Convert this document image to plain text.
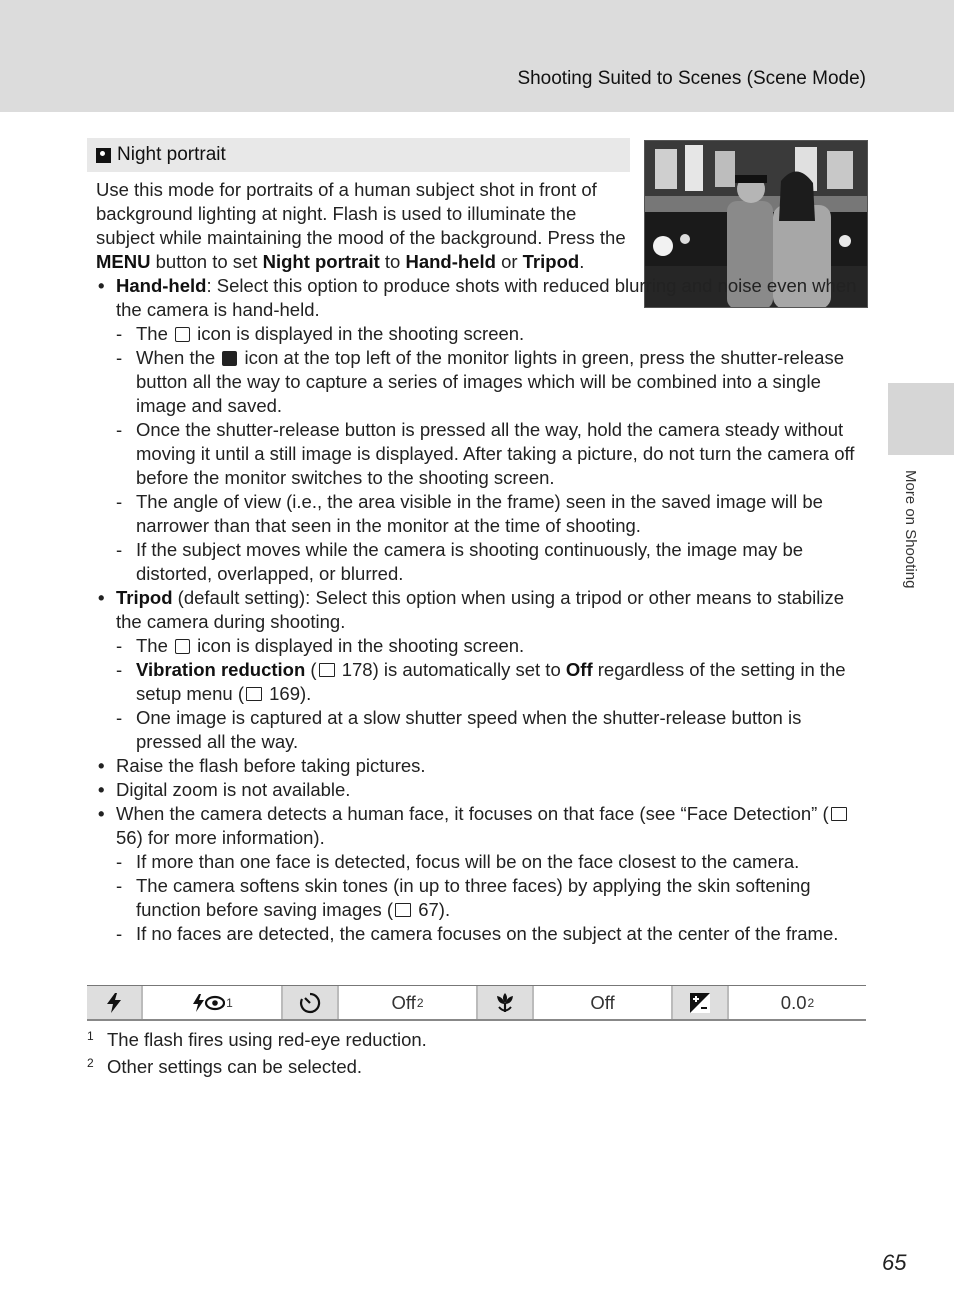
Shooting Suited to Scenes (Scene Mode)
More on Shooting
Night portrait

Use this mode for portraits of a human subject shot in front of background lighting at night. Flash is used to illuminate the subject while maintaining the mood of the background. Press the MENU button to set Night portrait to Hand-held or Tripod.

• Hand-held: Select this option to produce shots with reduced blurring and noise even when the camera is hand-held.
- The icon is displayed in the shooting screen.
- When the icon at the top left of the monitor lights in green, press the shutter-release button all the way to capture a series of images which will be combined into a single image and saved.
- Once the shutter-release button is pressed all the way, hold the camera steady without moving it until a still image is displayed. After taking a picture, do not turn the camera off before the monitor switches to the shooting screen.
- The angle of view (i.e., the area visible in the frame) seen in the saved image will be narrower than that seen in the monitor at the time of shooting.
- If the subject moves while the camera is shooting continuously, the image may be distorted, overlapped, or blurred.
• Tripod (default setting): Select this option when using a tripod or other means to stabilize the camera during shooting.
- The icon is displayed in the shooting screen.
- Vibration reduction ( 178) is automatically set to Off regardless of the setting in the setup menu ( 169).
- One image is captured at a slow shutter speed when the shutter-release button is pressed all the way.
• Raise the flash before taking pictures.
• Digital zoom is not available.
• When the camera detects a human face, it focuses on that face (see “Face Detection” ( 56) for more information).
- If more than one face is detected, focus will be on the face closest to the camera.
- The camera softens skin tones (in up to three faces) by applying the skin softening function before saving images ( 67).
- If no faces are detected, the camera focuses on the subject at the center of the frame.
1	Off 2	Off	0.0 2
1 The flash fires using red-eye reduction.
2 Other settings can be selected.
65
